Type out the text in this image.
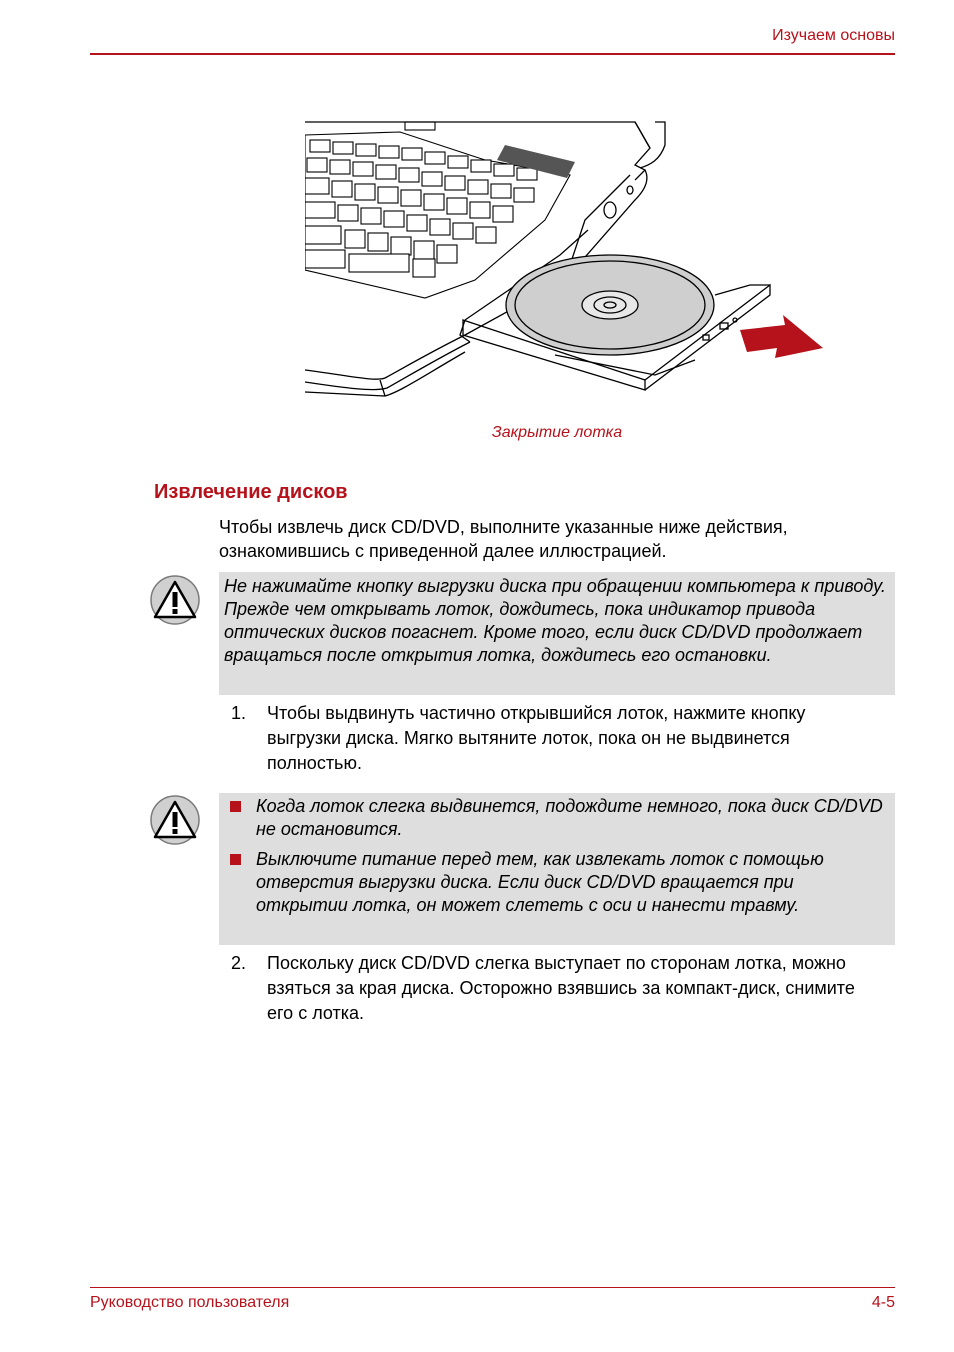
Изучаем основы
Закрытие лотка
Извлечение дисков
Чтобы извлечь диск CD/DVD, выполните указанные ниже действия, ознакомившись с приведенной далее иллюстрацией.
Не нажимайте кнопку выгрузки диска при обращении компьютера к приводу. Прежде чем открывать лоток, дождитесь, пока индикатор привода оптических дисков погаснет. Кроме того, если диск CD/DVD продолжает вращаться после открытия лотка, дождитесь его остановки.
1. Чтобы выдвинуть частично открывшийся лоток, нажмите кнопку выгрузки диска. Мягко вытяните лоток, пока он не выдвинется полностью.
Когда лоток слегка выдвинется, подождите немного, пока диск CD/DVD не остановится.
Выключите питание перед тем, как извлекать лоток с помощью отверстия выгрузки диска. Если диск CD/DVD вращается при открытии лотка, он может слететь с оси и нанести травму.
2. Поскольку диск CD/DVD слегка выступает по сторонам лотка, можно взяться за края диска. Осторожно взявшись за компакт-диск, снимите его с лотка.
Руководство пользователя	4-5
